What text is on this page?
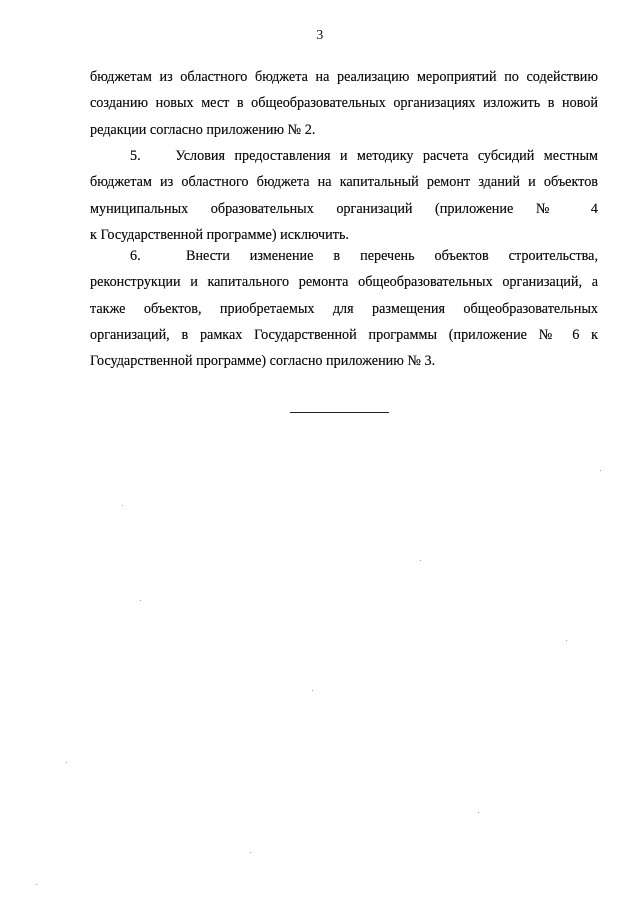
3
бюджетам из областного бюджета на реализацию мероприятий по содействию
созданию новых мест в общеобразовательных организациях изложить в новой
редакции согласно приложению № 2.
5. Условия предоставления и методику расчета субсидий местным
бюджетам из областного бюджета на капитальный ремонт зданий и объектов
муниципальных образовательных организаций (приложение № 4
к Государственной программе) исключить.
6.	Внести изменение в перечень объектов строительства,
реконструкции и капитального ремонта общеобразовательных организаций, а
также объектов, приобретаемых для размещения общеобразовательных
организаций, в рамках Государственной программы (приложение № 6 к
Государственной программе) согласно приложению № 3.
